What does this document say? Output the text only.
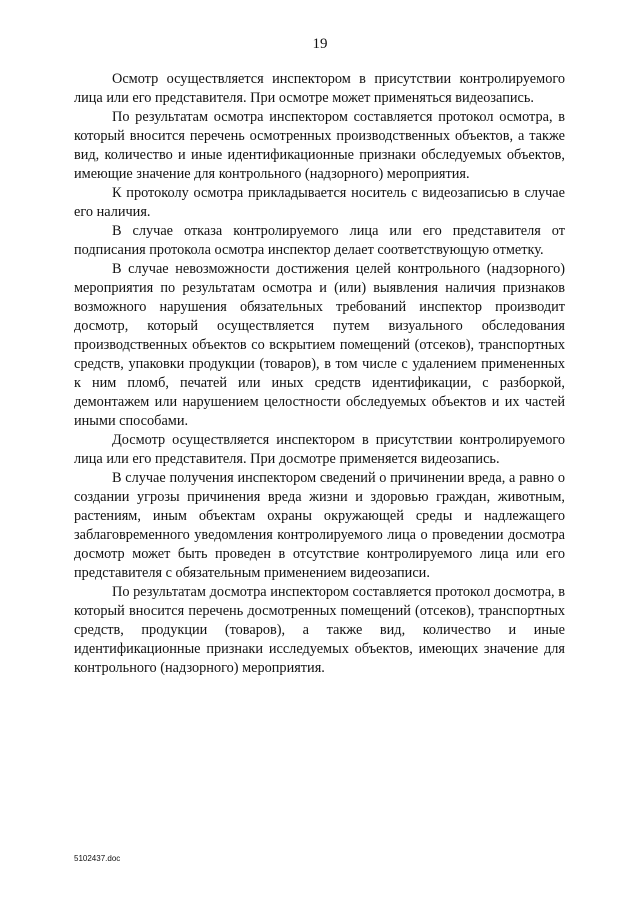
19

Осмотр осуществляется инспектором в присутствии контролируемого лица или его представителя. При осмотре может применяться видеозапись.

По результатам осмотра инспектором составляется протокол осмотра, в который вносится перечень осмотренных производственных объектов, а также вид, количество и иные идентификационные признаки обследуемых объектов, имеющие значение для контрольного (надзорного) мероприятия.

К протоколу осмотра прикладывается носитель с видеозаписью в случае его наличия.

В случае отказа контролируемого лица или его представителя от подписания протокола осмотра инспектор делает соответствующую отметку.

В случае невозможности достижения целей контрольного (надзорного) мероприятия по результатам осмотра и (или) выявления наличия признаков возможного нарушения обязательных требований инспектор производит досмотр, который осуществляется путем визуального обследования производственных объектов со вскрытием помещений (отсеков), транспортных средств, упаковки продукции (товаров), в том числе с удалением примененных к ним пломб, печатей или иных средств идентификации, с разборкой, демонтажем или нарушением целостности обследуемых объектов и их частей иными способами.

Досмотр осуществляется инспектором в присутствии контролируемого лица или его представителя. При досмотре применяется видеозапись.

В случае получения инспектором сведений о причинении вреда, а равно о создании угрозы причинения вреда жизни и здоровью граждан, животным, растениям, иным объектам охраны окружающей среды и надлежащего заблаговременного уведомления контролируемого лица о проведении досмотра досмотр может быть проведен в отсутствие контролируемого лица или его представителя с обязательным применением видеозаписи.

По результатам досмотра инспектором составляется протокол досмотра, в который вносится перечень досмотренных помещений (отсеков), транспортных средств, продукции (товаров), а также вид, количество и иные идентификационные признаки исследуемых объектов, имеющих значение для контрольного (надзорного) мероприятия.

5102437.doc
